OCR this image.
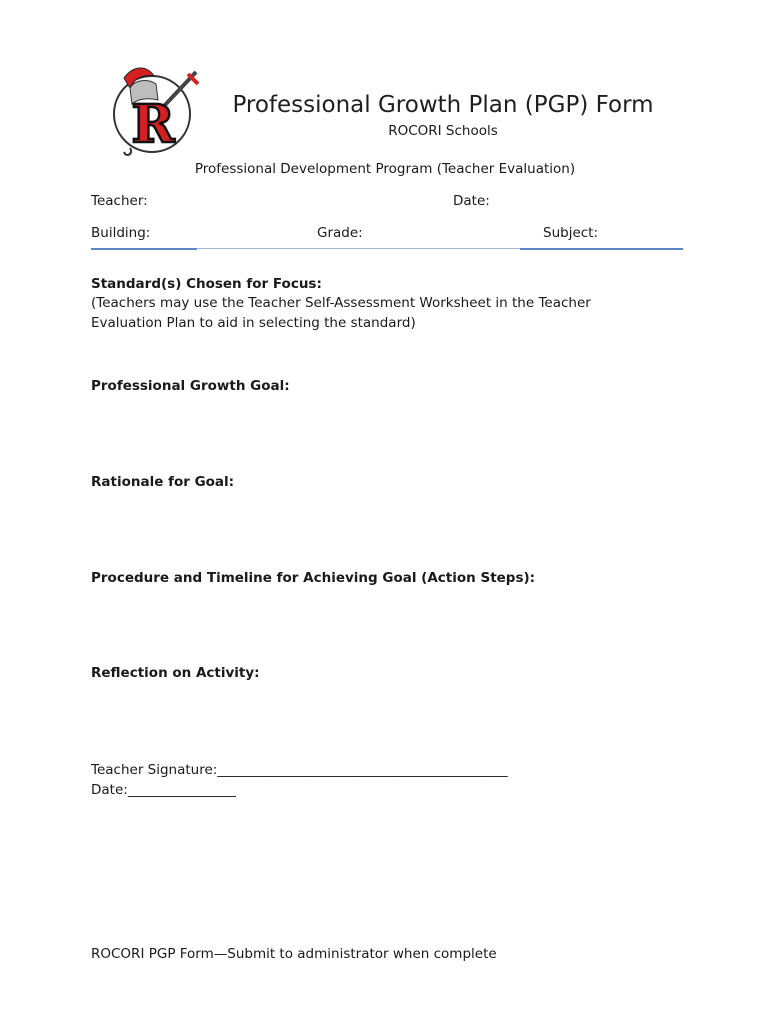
R	Professional Growth Plan (PGP) Form
ROCORI Schools
Professional Development Program (Teacher Evaluation)
Teacher:	Date:
Building:	Grade:	Subject:
Standard(s) Chosen for Focus:
(Teachers may use the Teacher Self-Assessment Worksheet in the Teacher
Evaluation Plan to aid in selecting the standard)
Professional Growth Goal:
Rationale for Goal:
Procedure and Timeline for Achieving Goal (Action Steps):
Reflection on Activity:
Teacher Signature:___________________________________________
Date:________________
ROCORI PGP Form—Submit to administrator when complete
